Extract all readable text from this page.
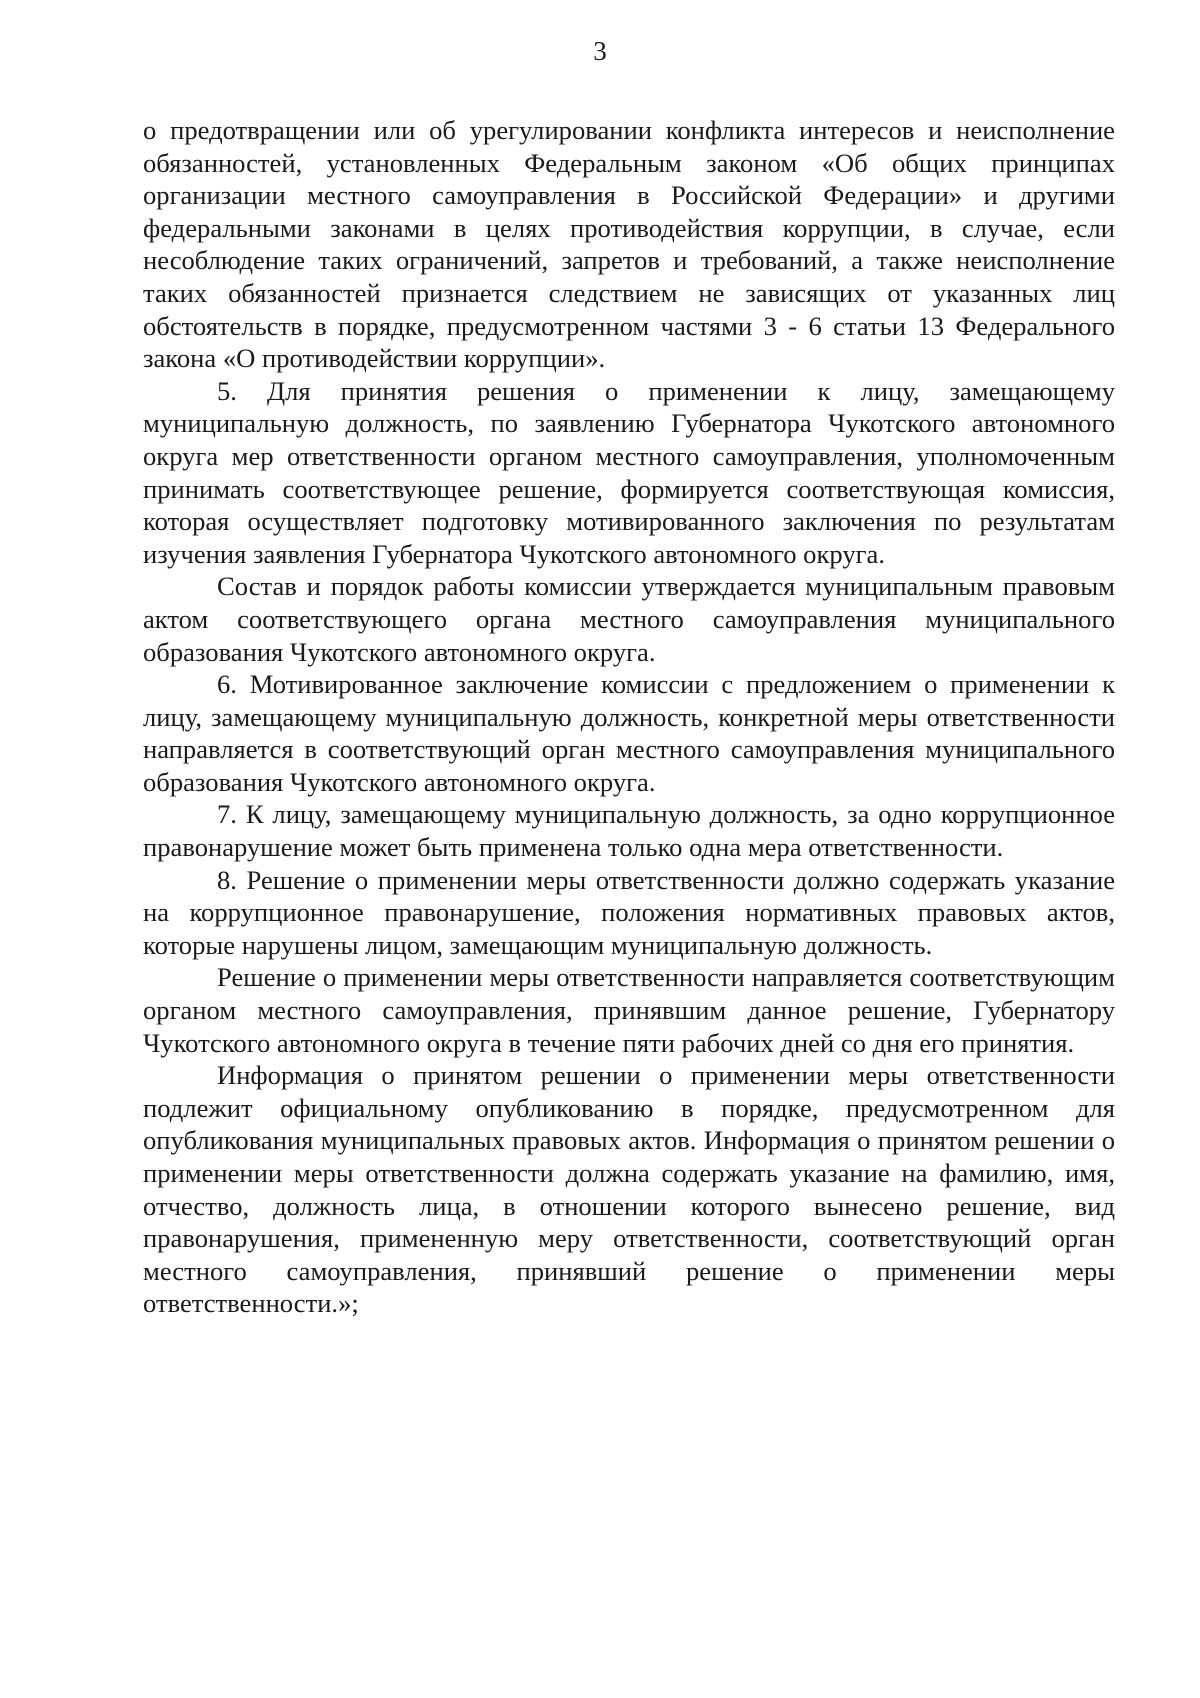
3

о предотвращении или об урегулировании конфликта интересов и неисполнение обязанностей, установленных Федеральным законом «Об общих принципах организации местного самоуправления в Российской Федерации» и другими федеральными законами в целях противодействия коррупции, в случае, если несоблюдение таких ограничений, запретов и требований, а также неисполнение таких обязанностей признается следствием не зависящих от указанных лиц обстоятельств в порядке, предусмотренном частями 3 - 6 статьи 13 Федерального закона «О противодействии коррупции».

5. Для принятия решения о применении к лицу, замещающему муниципальную должность, по заявлению Губернатора Чукотского автономного округа мер ответственности органом местного самоуправления, уполномоченным принимать соответствующее решение, формируется соответствующая комиссия, которая осуществляет подготовку мотивированного заключения по результатам изучения заявления Губернатора Чукотского автономного округа.

Состав и порядок работы комиссии утверждается муниципальным правовым актом соответствующего органа местного самоуправления муниципального образования Чукотского автономного округа.

6. Мотивированное заключение комиссии с предложением о применении к лицу, замещающему муниципальную должность, конкретной меры ответственности направляется в соответствующий орган местного самоуправления муниципального образования Чукотского автономного округа.

7. К лицу, замещающему муниципальную должность, за одно коррупционное правонарушение может быть применена только одна мера ответственности.

8. Решение о применении меры ответственности должно содержать указание на коррупционное правонарушение, положения нормативных правовых актов, которые нарушены лицом, замещающим муниципальную должность.

Решение о применении меры ответственности направляется соответствующим органом местного самоуправления, принявшим данное решение, Губернатору Чукотского автономного округа в течение пяти рабочих дней со дня его принятия.

Информация о принятом решении о применении меры ответственности подлежит официальному опубликованию в порядке, предусмотренном для опубликования муниципальных правовых актов. Информация о принятом решении о применении меры ответственности должна содержать указание на фамилию, имя, отчество, должность лица, в отношении которого вынесено решение, вид правонарушения, примененную меру ответственности, соответствующий орган местного самоуправления, принявший решение о применении меры ответственности.»;
